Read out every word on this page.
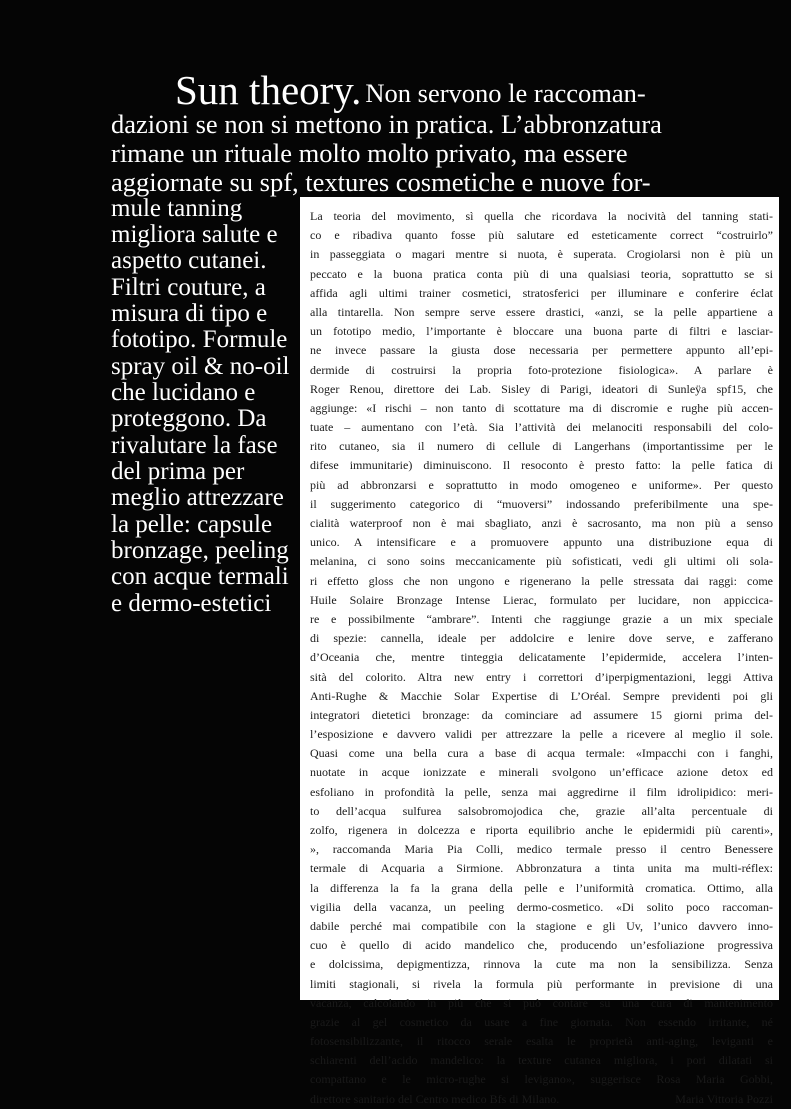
Sun theory. Non servono le raccoman-
dazioni se non si mettono in pratica. L’abbronzatura
rimane un rituale molto molto privato, ma essere
aggiornate su spf, textures cosmetiche e nuove for-
mule tanning
migliora salute e
aspetto cutanei.
Filtri couture, a
misura di tipo e
fototipo. Formule
spray oil & no-oil
che lucidano e
proteggono. Da
rivalutare la fase
del prima per
meglio attrezzare
la pelle: capsule
bronzage, peeling
con acque termali
e dermo-estetici
La teoria del movimento, sì quella che ricordava la nocività del tanning stati-
co e ribadiva quanto fosse più salutare ed esteticamente correct “costruirlo”
in passeggiata o magari mentre si nuota, è superata. Crogiolarsi non è più un
peccato e la buona pratica conta più di una qualsiasi teoria, soprattutto se si
affida agli ultimi trainer cosmetici, stratosferici per illuminare e conferire éclat
alla tintarella. Non sempre serve essere drastici, «anzi, se la pelle appartiene a
un fototipo medio, l’importante è bloccare una buona parte di filtri e lasciar-
ne invece passare la giusta dose necessaria per permettere appunto all’epi-
dermide di costruirsi la propria foto-protezione fisiologica». A parlare è
Roger Renou, direttore dei Lab. Sisley di Parigi, ideatori di Sunleÿa spf15, che
aggiunge: «I rischi – non tanto di scottature ma di discromie e rughe più accen-
tuate – aumentano con l’età. Sia l’attività dei melanociti responsabili del colo-
rito cutaneo, sia il numero di cellule di Langerhans (importantissime per le
difese immunitarie) diminuiscono. Il resoconto è presto fatto: la pelle fatica di
più ad abbronzarsi e soprattutto in modo omogeneo e uniforme». Per questo
il suggerimento categorico di “muoversi” indossando preferibilmente una spe-
cialità waterproof non è mai sbagliato, anzi è sacrosanto, ma non più a senso
unico. A intensificare e a promuovere appunto una distribuzione equa di
melanina, ci sono soins meccanicamente più sofisticati, vedi gli ultimi oli sola-
ri effetto gloss che non ungono e rigenerano la pelle stressata dai raggi: come
Huile Solaire Bronzage Intense Lierac, formulato per lucidare, non appiccica-
re e possibilmente “ambrare”. Intenti che raggiunge grazie a un mix speciale
di spezie: cannella, ideale per addolcire e lenire dove serve, e zafferano
d’Oceania che, mentre tinteggia delicatamente l’epidermide, accelera l’inten-
sità del colorito. Altra new entry i correttori d’iperpigmentazioni, leggi Attiva
Anti-Rughe & Macchie Solar Expertise di L’Oréal. Sempre previdenti poi gli
integratori dietetici bronzage: da cominciare ad assumere 15 giorni prima del-
l’esposizione e davvero validi per attrezzare la pelle a ricevere al meglio il sole.
Quasi come una bella cura a base di acqua termale: «Impacchi con i fanghi,
nuotate in acque ionizzate e minerali svolgono un’efficace azione detox ed
esfoliano in profondità la pelle, senza mai aggredirne il film idrolipidico: meri-
to dell’acqua sulfurea salsobromojodica che, grazie all’alta percentuale di
zolfo, rigenera in dolcezza e riporta equilibrio anche le epidermidi più carenti»,
», raccomanda Maria Pia Colli, medico termale presso il centro Benessere
termale di Acquaria a Sirmione. Abbronzatura a tinta unita ma multi-réflex:
la differenza la fa la grana della pelle e l’uniformità cromatica. Ottimo, alla
vigilia della vacanza, un peeling dermo-cosmetico. «Di solito poco raccoman-
dabile perché mai compatibile con la stagione e gli Uv, l’unico davvero inno-
cuo è quello di acido mandelico che, producendo un’esfoliazione progressiva
e dolcissima, depigmentizza, rinnova la cute ma non la sensibilizza. Senza
limiti stagionali, si rivela la formula più performante in previsione di una
vacanza, calcolando in più che si può contare su una cura di mantenimento
grazie al gel cosmetico da usare a fine giornata. Non essendo irritante, né
fotosensibilizzante, il ritocco serale esalta le proprietà anti-aging, leviganti e
schiarenti dell’acido mandelico: la texture cutanea migliora, i pori dilatati si
compattano e le micro-rughe si levigano», suggerisce Rosa Maria Gobbi,
direttore sanitario del Centro medico Bfs di Milano.	Maria Vittoria Pozzi
